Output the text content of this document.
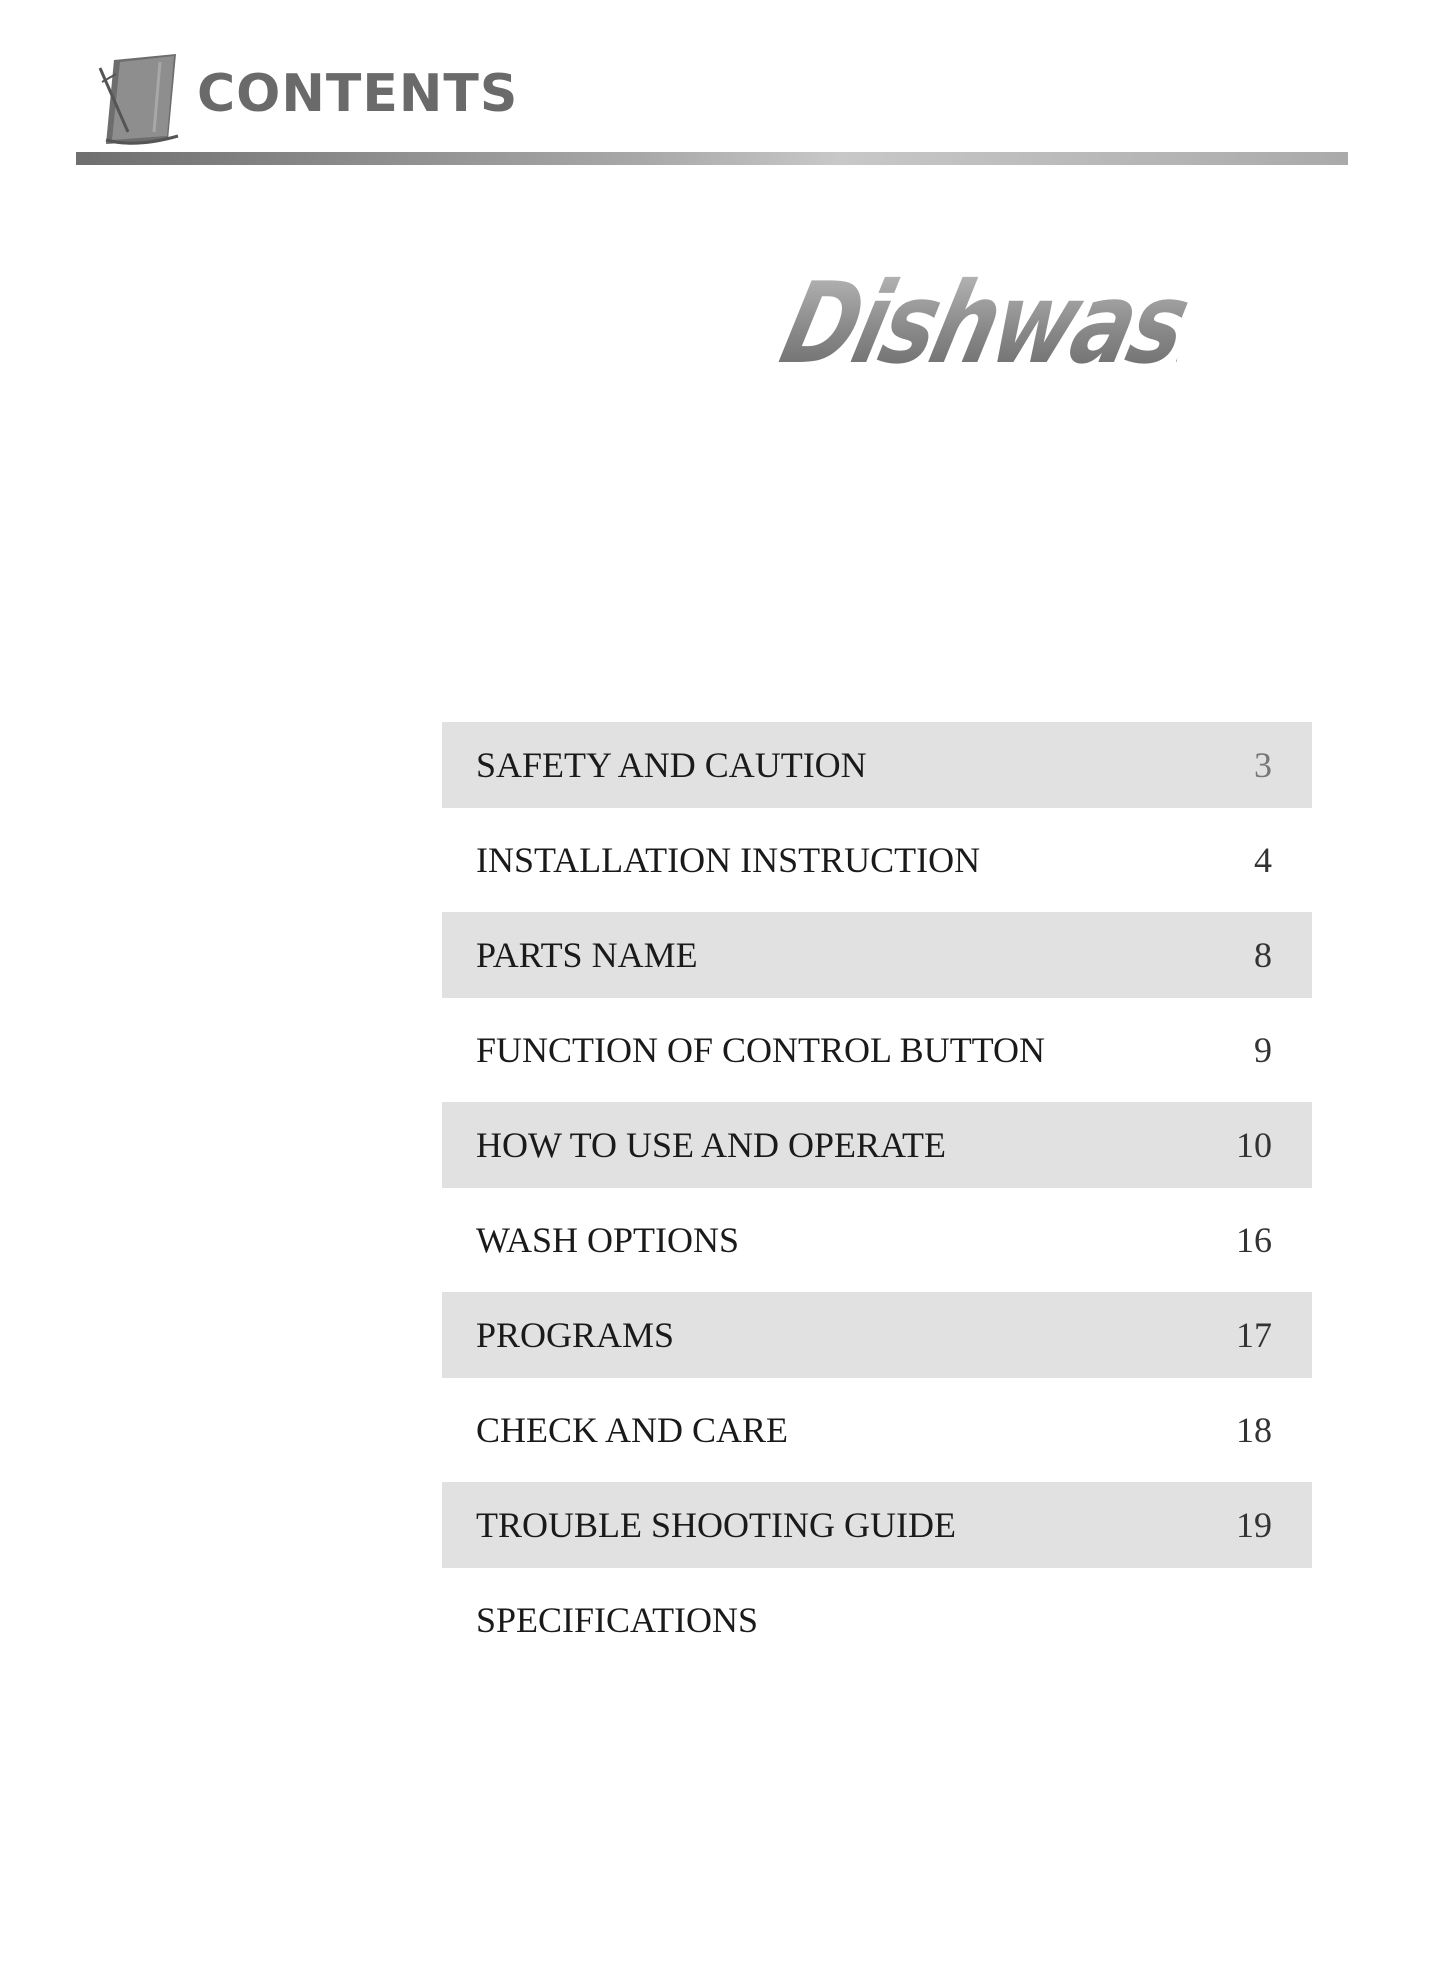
CONTENTS
Dishwasher
SAFETY AND CAUTION	3
INSTALLATION INSTRUCTION	4
PARTS NAME	8
FUNCTION OF CONTROL BUTTON	9
HOW TO USE AND OPERATE	10
WASH OPTIONS	16
PROGRAMS	17
CHECK AND CARE	18
TROUBLE SHOOTING GUIDE	19
SPECIFICATIONS
